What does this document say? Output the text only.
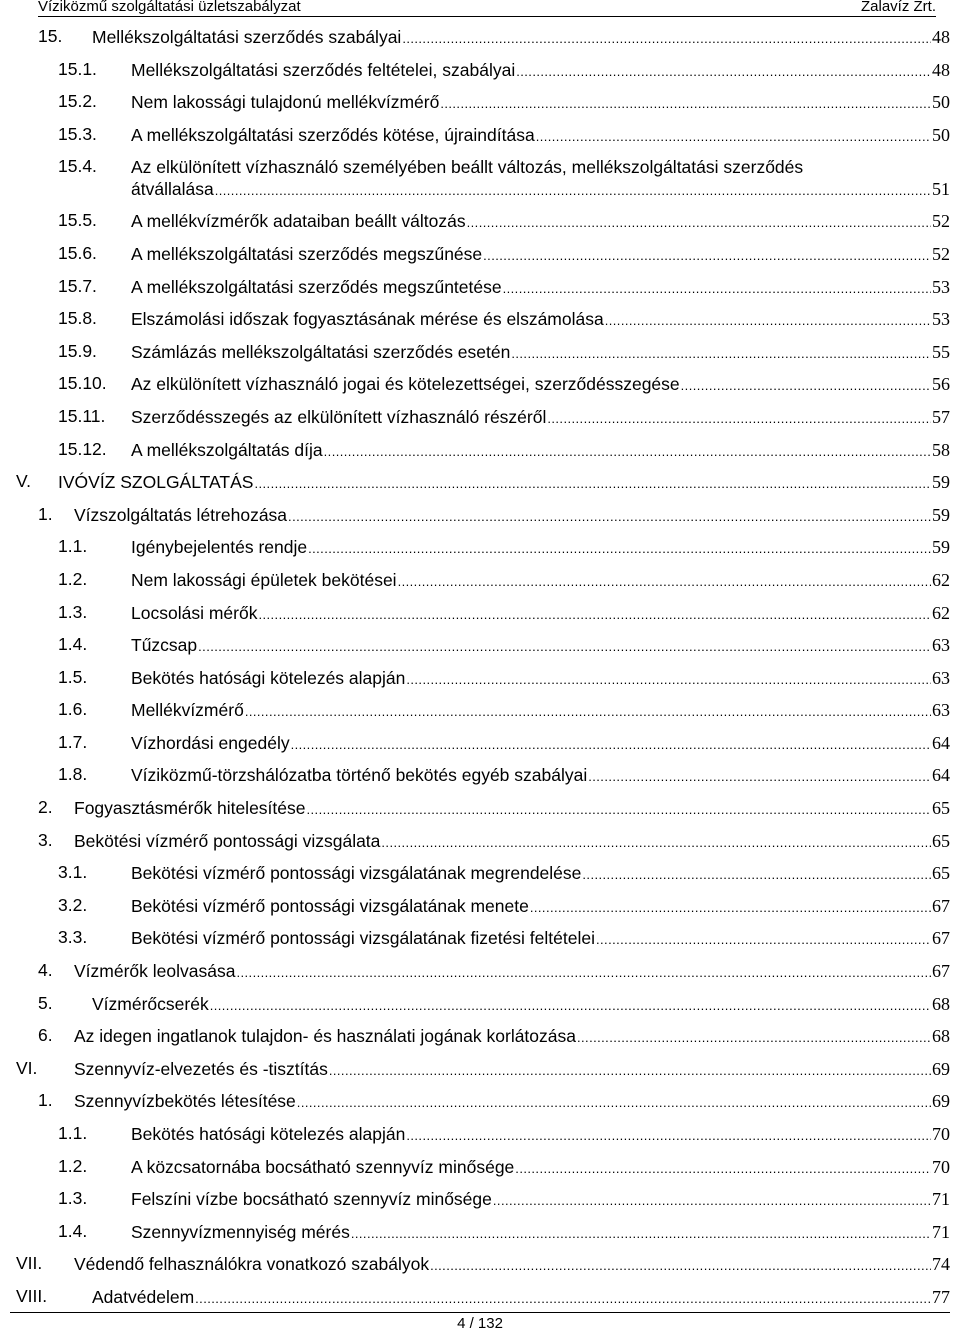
Víziközmű szolgáltatási üzletszabályzat	Zalavíz Zrt.
15. Mellékszolgáltatási szerződés szabályai . . .	48
15.1. Mellékszolgáltatási szerződés feltételei, szabályai . . .	48
15.2. Nem lakossági tulajdonú mellékvízmérő . . .	50
15.3. A mellékszolgáltatási szerződés kötése, újraindítása . . .	50
15.4. Az elkülönített vízhasználó személyében beállt változás, mellékszolgáltatási szerződés
átvállalása . . .	51
15.5. A mellékvízmérők adataiban beállt változás . . .	52
15.6. A mellékszolgáltatási szerződés megszűnése . . .	52
15.7. A mellékszolgáltatási szerződés megszűntetése . . .	53
15.8. Elszámolási időszak fogyasztásának mérése és elszámolása . . .	53
15.9. Számlázás mellékszolgáltatási szerződés esetén . . .	55
15.10. Az elkülönített vízhasználó jogai és kötelezettségei, szerződésszegése . . .	56
15.11. Szerződésszegés az elkülönített vízhasználó részéről . . .	57
15.12. A mellékszolgáltatás díja . . .	58
V. IVÓVÍZ SZOLGÁLTATÁS . . .	59
1. Vízszolgáltatás létrehozása . . .	59
1.1.	Igénybejelentés rendje . . .	59
1.2.	Nem lakossági épületek bekötései . . .	62
1.3.	Locsolási mérők . . .	62
1.4.	Tűzcsap . . .	63
1.5.	Bekötés hatósági kötelezés alapján . . .	63
1.6.	Mellékvízmérő . . .	63
1.7.	Vízhordási engedély . . .	64
1.8.	Víziközmű-törzshálózatba történő bekötés egyéb szabályai . . .	64
2. Fogyasztásmérők hitelesítése . . .	65
3. Bekötési vízmérő pontossági vizsgálata . . .	65
3.1.	Bekötési vízmérő pontossági vizsgálatának megrendelése . . .	65
3.2.	Bekötési vízmérő pontossági vizsgálatának menete . . .	67
3.3.	Bekötési vízmérő pontossági vizsgálatának fizetési feltételei . . .	67
4. Vízmérők leolvasása . . .	67
5. Vízmérőcserék . . .	68
6. Az idegen ingatlanok tulajdon- és használati jogának korlátozása . . .	68
VI. Szennyvíz-elvezetés és -tisztítás . . .	69
1. Szennyvízbekötés létesítése . . .	69
1.1.	Bekötés hatósági kötelezés alapján . . .	70
1.2.	A közcsatornába bocsátható szennyvíz minősége . . .	70
1.3.	Felszíni vízbe bocsátható szennyvíz minősége . . .	71
1.4.	Szennyvízmennyiség mérés . . .	71
VII. Védendő felhasználókra vonatkozó szabályok . . .	74
VIII.	Adatvédelem . . .	77
4 / 132
